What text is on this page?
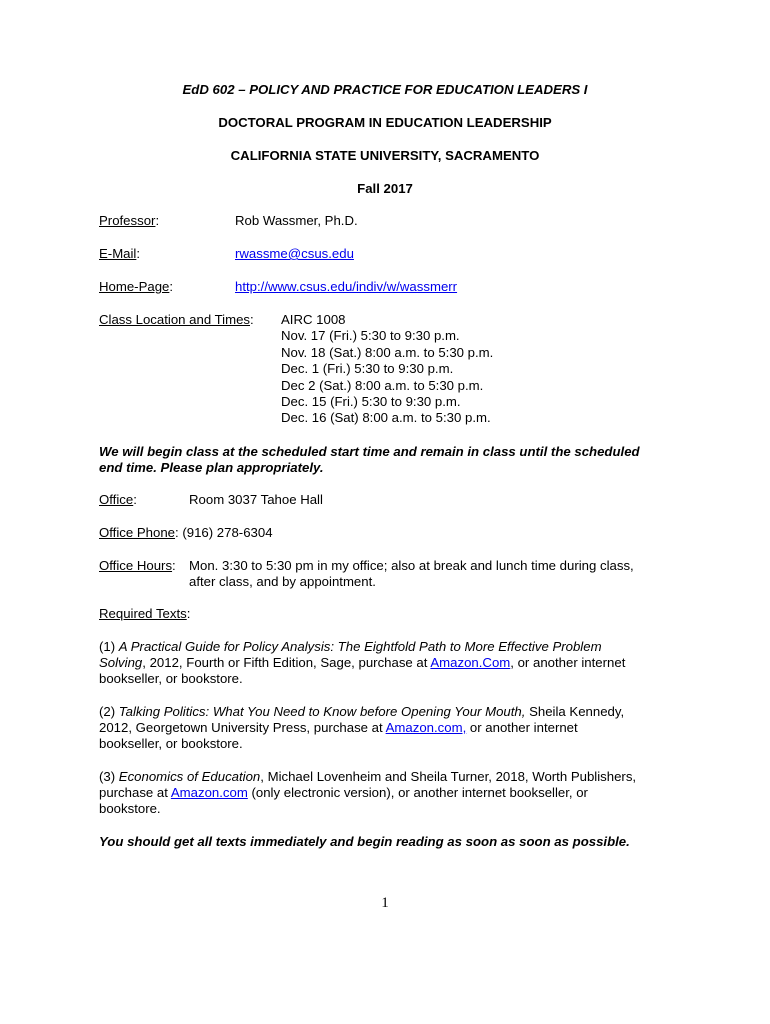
EdD 602 – POLICY AND PRACTICE FOR EDUCATION LEADERS I
DOCTORAL PROGRAM IN EDUCATION LEADERSHIP
CALIFORNIA STATE UNIVERSITY, SACRAMENTO
Fall 2017
Professor:	Rob Wassmer, Ph.D.
E-Mail:	rwassme@csus.edu
Home-Page:	http://www.csus.edu/indiv/w/wassmerr
Class Location and Times: AIRC 1008
Nov. 17 (Fri.) 5:30 to 9:30 p.m.
Nov. 18 (Sat.) 8:00 a.m. to 5:30 p.m.
Dec. 1 (Fri.) 5:30 to 9:30 p.m.
Dec 2 (Sat.) 8:00 a.m. to 5:30 p.m.
Dec. 15 (Fri.) 5:30 to 9:30 p.m.
Dec. 16 (Sat) 8:00 a.m. to 5:30 p.m.
We will begin class at the scheduled start time and remain in class until the scheduled
end time. Please plan appropriately.
Office:	Room 3037 Tahoe Hall
Office Phone: (916) 278-6304
Office Hours: Mon. 3:30 to 5:30 pm in my office; also at break and lunch time during class,
after class, and by appointment.
Required Texts:
(1) A Practical Guide for Policy Analysis: The Eightfold Path to More Effective Problem
Solving, 2012, Fourth or Fifth Edition, Sage, purchase at Amazon.Com, or another internet
bookseller, or bookstore.
(2) Talking Politics: What You Need to Know before Opening Your Mouth, Sheila Kennedy,
2012, Georgetown University Press, purchase at Amazon.com, or another internet
bookseller, or bookstore.
(3) Economics of Education, Michael Lovenheim and Sheila Turner, 2018, Worth Publishers,
purchase at Amazon.com (only electronic version), or another internet bookseller, or
bookstore.
You should get all texts immediately and begin reading as soon as soon as possible.
1
